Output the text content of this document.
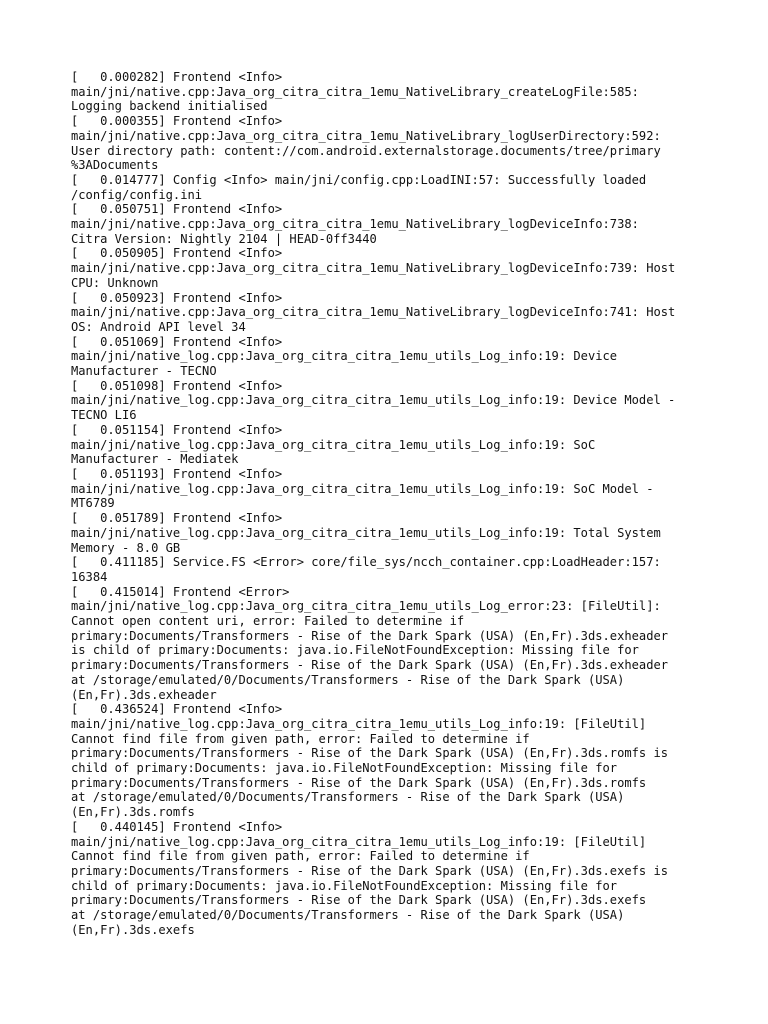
[   0.000282] Frontend <Info>
main/jni/native.cpp:Java_org_citra_citra_1emu_NativeLibrary_createLogFile:585:
Logging backend initialised
[   0.000355] Frontend <Info>
main/jni/native.cpp:Java_org_citra_citra_1emu_NativeLibrary_logUserDirectory:592:
User directory path: content://com.android.externalstorage.documents/tree/primary
%3ADocuments
[   0.014777] Config <Info> main/jni/config.cpp:LoadINI:57: Successfully loaded
/config/config.ini
[   0.050751] Frontend <Info>
main/jni/native.cpp:Java_org_citra_citra_1emu_NativeLibrary_logDeviceInfo:738:
Citra Version: Nightly 2104 | HEAD-0ff3440
[   0.050905] Frontend <Info>
main/jni/native.cpp:Java_org_citra_citra_1emu_NativeLibrary_logDeviceInfo:739: Host
CPU: Unknown
[   0.050923] Frontend <Info>
main/jni/native.cpp:Java_org_citra_citra_1emu_NativeLibrary_logDeviceInfo:741: Host
OS: Android API level 34
[   0.051069] Frontend <Info>
main/jni/native_log.cpp:Java_org_citra_citra_1emu_utils_Log_info:19: Device
Manufacturer - TECNO
[   0.051098] Frontend <Info>
main/jni/native_log.cpp:Java_org_citra_citra_1emu_utils_Log_info:19: Device Model -
TECNO LI6
[   0.051154] Frontend <Info>
main/jni/native_log.cpp:Java_org_citra_citra_1emu_utils_Log_info:19: SoC
Manufacturer - Mediatek
[   0.051193] Frontend <Info>
main/jni/native_log.cpp:Java_org_citra_citra_1emu_utils_Log_info:19: SoC Model -
MT6789
[   0.051789] Frontend <Info>
main/jni/native_log.cpp:Java_org_citra_citra_1emu_utils_Log_info:19: Total System
Memory - 8.0 GB
[   0.411185] Service.FS <Error> core/file_sys/ncch_container.cpp:LoadHeader:157:
16384
[   0.415014] Frontend <Error>
main/jni/native_log.cpp:Java_org_citra_citra_1emu_utils_Log_error:23: [FileUtil]:
Cannot open content uri, error: Failed to determine if
primary:Documents/Transformers - Rise of the Dark Spark (USA) (En,Fr).3ds.exheader
is child of primary:Documents: java.io.FileNotFoundException: Missing file for
primary:Documents/Transformers - Rise of the Dark Spark (USA) (En,Fr).3ds.exheader
at /storage/emulated/0/Documents/Transformers - Rise of the Dark Spark (USA)
(En,Fr).3ds.exheader
[   0.436524] Frontend <Info>
main/jni/native_log.cpp:Java_org_citra_citra_1emu_utils_Log_info:19: [FileUtil]
Cannot find file from given path, error: Failed to determine if
primary:Documents/Transformers - Rise of the Dark Spark (USA) (En,Fr).3ds.romfs is
child of primary:Documents: java.io.FileNotFoundException: Missing file for
primary:Documents/Transformers - Rise of the Dark Spark (USA) (En,Fr).3ds.romfs
at /storage/emulated/0/Documents/Transformers - Rise of the Dark Spark (USA)
(En,Fr).3ds.romfs
[   0.440145] Frontend <Info>
main/jni/native_log.cpp:Java_org_citra_citra_1emu_utils_Log_info:19: [FileUtil]
Cannot find file from given path, error: Failed to determine if
primary:Documents/Transformers - Rise of the Dark Spark (USA) (En,Fr).3ds.exefs is
child of primary:Documents: java.io.FileNotFoundException: Missing file for
primary:Documents/Transformers - Rise of the Dark Spark (USA) (En,Fr).3ds.exefs
at /storage/emulated/0/Documents/Transformers - Rise of the Dark Spark (USA)
(En,Fr).3ds.exefs
